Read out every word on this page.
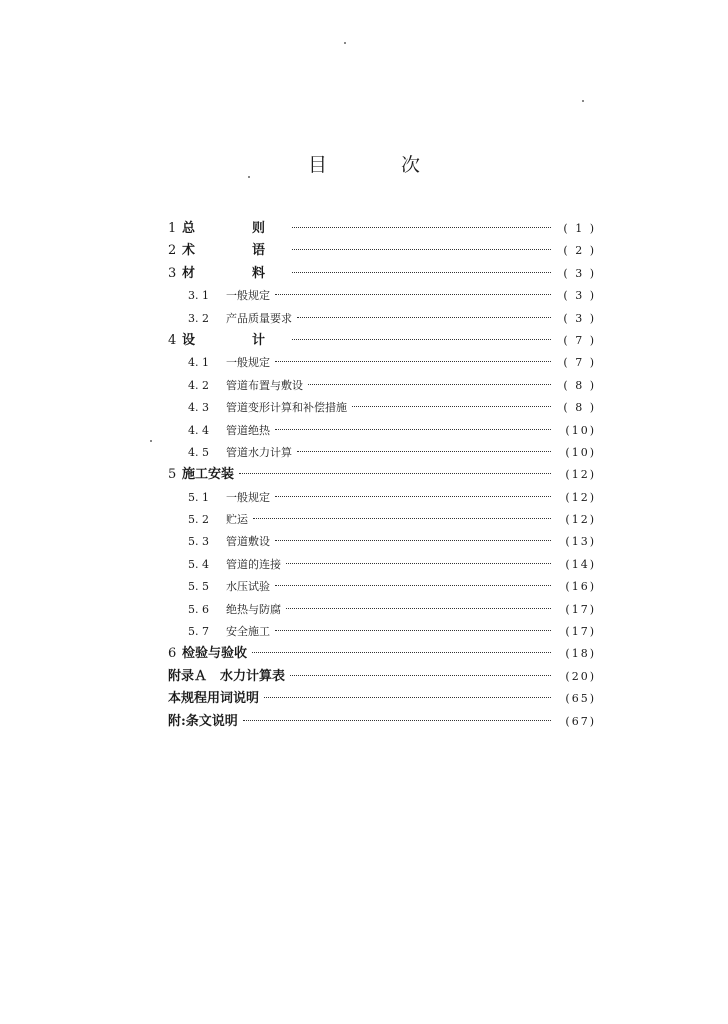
目 次
1 总　则	( 1 )
2 术　语	( 2 )
3 材　料	( 3 )
3. 1	一般规定	( 3 )
3. 2	产品质量要求	( 3 )
4 设　计	( 7 )
4. 1	一般规定	( 7 )
4. 2	管道布置与敷设	( 8 )
4. 3	管道变形计算和补偿措施	( 8 )
4. 4	管道绝热	(10)
4. 5	管道水力计算	(10)
5 施工安装	(12)
5. 1	一般规定	(12)
5. 2	贮运	(12)
5. 3	管道敷设	(13)
5. 4	管道的连接	(14)
5. 5	水压试验	(16)
5. 6	绝热与防腐	(17)
5. 7	安全施工	(17)
6 检验与验收	(18)
附录Ａ　水力计算表	(20)
本规程用词说明	(65)
附:条文说明	(67)
